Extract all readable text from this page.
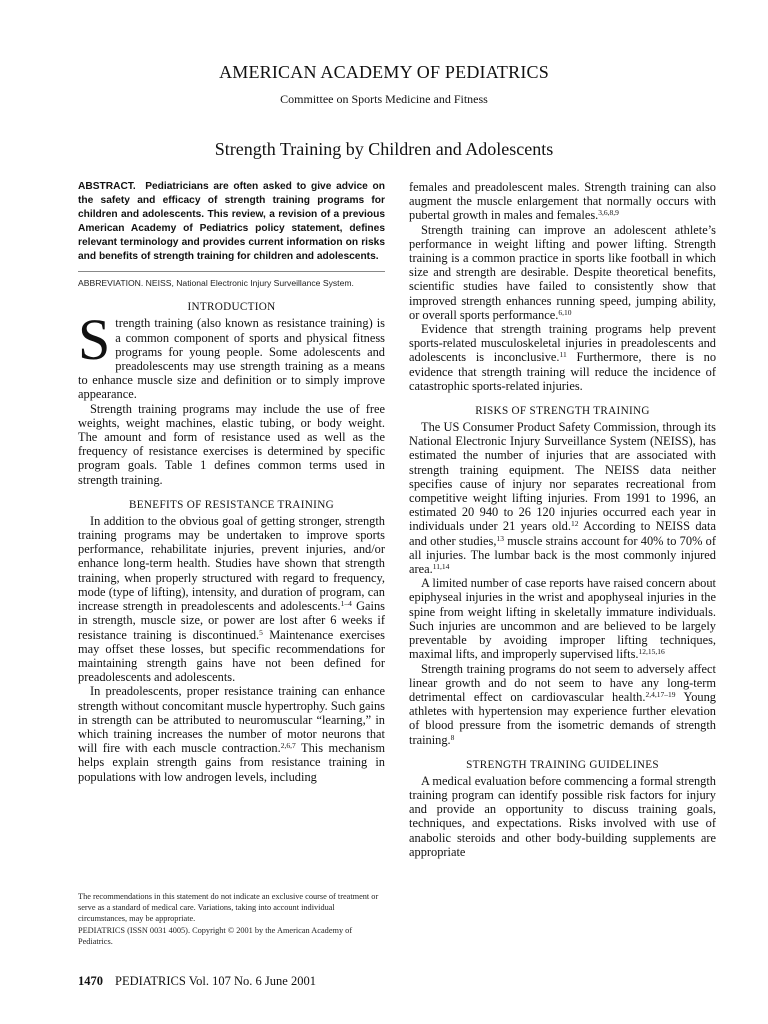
AMERICAN ACADEMY OF PEDIATRICS
Committee on Sports Medicine and Fitness
Strength Training by Children and Adolescents

ABSTRACT. Pediatricians are often asked to give advice on the safety and efficacy of strength training programs for children and adolescents. This review, a revision of a previous American Academy of Pediatrics policy statement, defines relevant terminology and provides current information on risks and benefits of strength training for children and adolescents.

ABBREVIATION. NEISS, National Electronic Injury Surveillance System.

INTRODUCTION

Strength training (also known as resistance training) is a common component of sports and physical fitness programs for young people. Some adolescents and preadolescents may use strength training as a means to enhance muscle size and definition or to simply improve appearance.

Strength training programs may include the use of free weights, weight machines, elastic tubing, or body weight. The amount and form of resistance used as well as the frequency of resistance exercises is determined by specific program goals. Table 1 defines common terms used in strength training.

BENEFITS OF RESISTANCE TRAINING

In addition to the obvious goal of getting stronger, strength training programs may be undertaken to improve sports performance, rehabilitate injuries, prevent injuries, and/or enhance long-term health. Studies have shown that strength training, when properly structured with regard to frequency, mode (type of lifting), intensity, and duration of program, can increase strength in preadolescents and adolescents.$^{1-4}$ Gains in strength, muscle size, or power are lost after 6 weeks if resistance training is discontinued.$^5$ Maintenance exercises may offset these losses, but specific recommendations for maintaining strength gains have not been defined for preadolescents and adolescents.

In preadolescents, proper resistance training can enhance strength without concomitant muscle hypertrophy. Such gains in strength can be attributed to neuromuscular “learning,” in which training increases the number of motor neurons that will fire with each muscle contraction.$^{2,6,7}$ This mechanism helps explain strength gains from resistance training in populations with low androgen levels, including

females and preadolescent males. Strength training can also augment the muscle enlargement that normally occurs with pubertal growth in males and females.$^{3,6,8,9}$

Strength training can improve an adolescent athlete’s performance in weight lifting and power lifting. Strength training is a common practice in sports like football in which size and strength are desirable. Despite theoretical benefits, scientific studies have failed to consistently show that improved strength enhances running speed, jumping ability, or overall sports performance.$^{6,10}$

Evidence that strength training programs help prevent sports-related musculoskeletal injuries in preadolescents and adolescents is inconclusive.$^{11}$ Furthermore, there is no evidence that strength training will reduce the incidence of catastrophic sports-related injuries.

RISKS OF STRENGTH TRAINING

The US Consumer Product Safety Commission, through its National Electronic Injury Surveillance System (NEISS), has estimated the number of injuries that are associated with strength training equipment. The NEISS data neither specifies cause of injury nor separates recreational from competitive weight lifting injuries. From 1991 to 1996, an estimated 20 940 to 26 120 injuries occurred each year in individuals under 21 years old.$^{12}$ According to NEISS data and other studies,$^{13}$ muscle strains account for 40% to 70% of all injuries. The lumbar back is the most commonly injured area.$^{11,14}$

A limited number of case reports have raised concern about epiphyseal injuries in the wrist and apophyseal injuries in the spine from weight lifting in skeletally immature individuals. Such injuries are uncommon and are believed to be largely preventable by avoiding improper lifting techniques, maximal lifts, and improperly supervised lifts.$^{12,15,16}$

Strength training programs do not seem to adversely affect linear growth and do not seem to have any long-term detrimental effect on cardiovascular health.$^{2,4,17-19}$ Young athletes with hypertension may experience further elevation of blood pressure from the isometric demands of strength training.$^8$

STRENGTH TRAINING GUIDELINES

A medical evaluation before commencing a formal strength training program can identify possible risk factors for injury and provide an opportunity to discuss training goals, techniques, and expectations. Risks involved with use of anabolic steroids and other body-building supplements are appropriate

The recommendations in this statement do not indicate an exclusive course of treatment or serve as a standard of medical care. Variations, taking into account individual circumstances, may be appropriate.

PEDIATRICS (ISSN 0031 4005). Copyright © 2001 by the American Academy of Pediatrics.

1470 PEDIATRICS Vol. 107 No. 6 June 2001
